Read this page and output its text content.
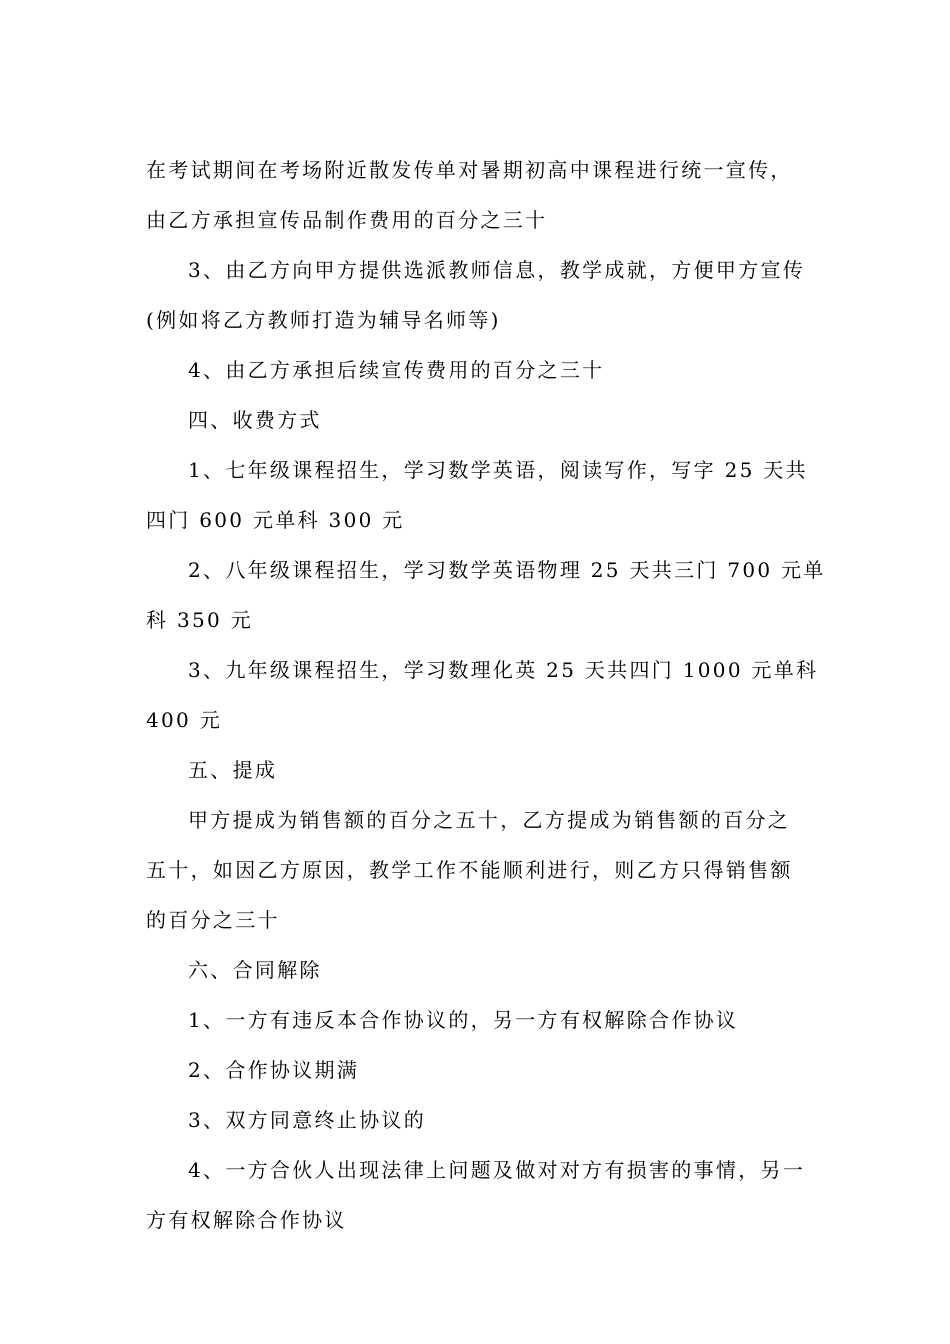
在考试期间在考场附近散发传单对暑期初高中课程进行统一宣传，

由乙方承担宣传品制作费用的百分之三十

3、由乙方向甲方提供选派教师信息，教学成就，方便甲方宣传

(例如将乙方教师打造为辅导名师等)

4、由乙方承担后续宣传费用的百分之三十

四、收费方式

1、七年级课程招生，学习数学英语，阅读写作，写字 25 天共

四门 600 元单科 300 元

2、八年级课程招生，学习数学英语物理 25 天共三门 700 元单

科 350 元

3、九年级课程招生，学习数理化英 25 天共四门 1000 元单科

400 元

五、提成

甲方提成为销售额的百分之五十，乙方提成为销售额的百分之

五十，如因乙方原因，教学工作不能顺利进行，则乙方只得销售额

的百分之三十

六、合同解除

1、一方有违反本合作协议的，另一方有权解除合作协议

2、合作协议期满

3、双方同意终止协议的

4、一方合伙人出现法律上问题及做对对方有损害的事情，另一

方有权解除合作协议
